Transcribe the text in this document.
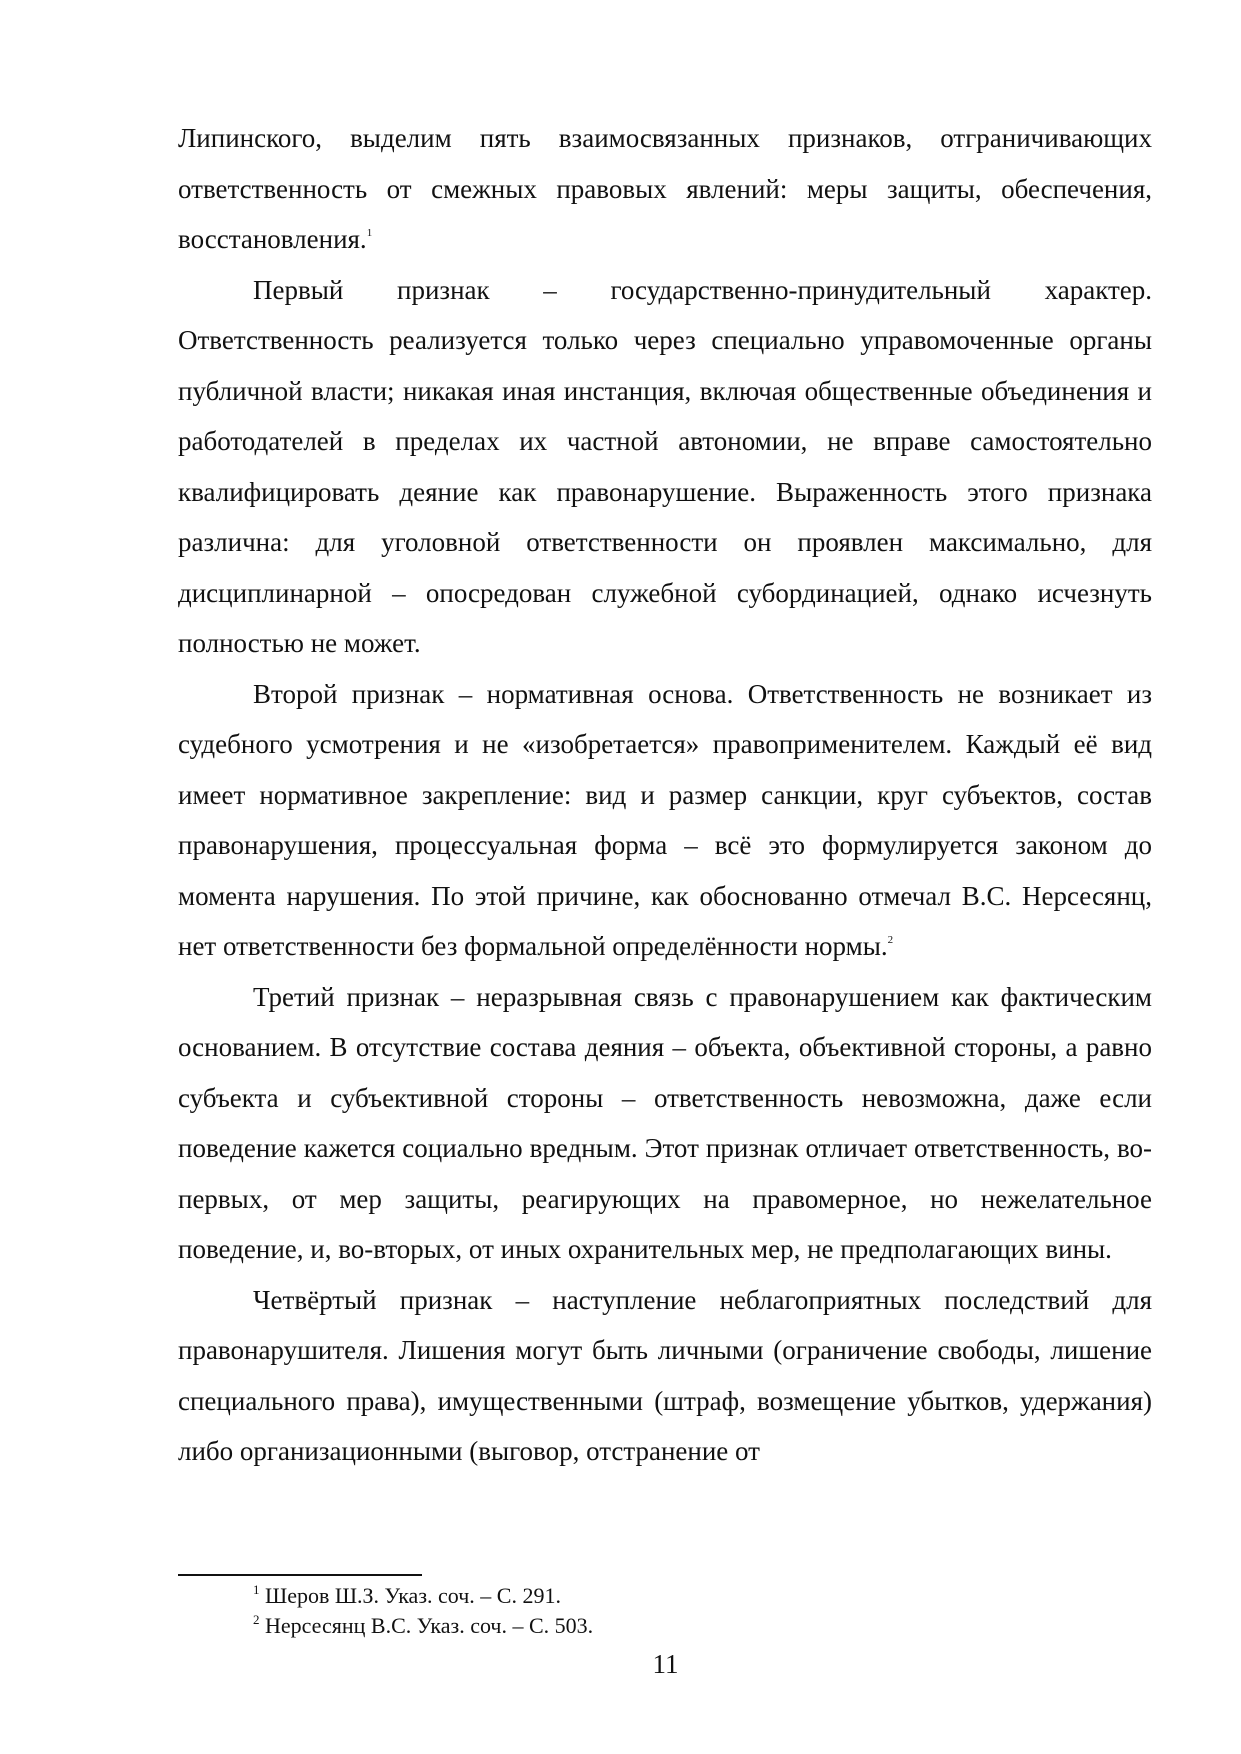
Липинского, выделим пять взаимосвязанных признаков, отграничивающих ответственность от смежных правовых явлений: меры защиты, обеспечения, восстановления.$^1$

Первый признак – государственно-принудительный характер. Ответственность реализуется только через специально управомоченные органы публичной власти; никакая иная инстанция, включая общественные объединения и работодателей в пределах их частной автономии, не вправе самостоятельно квалифицировать деяние как правонарушение. Выраженность этого признака различна: для уголовной ответственности он проявлен максимально, для дисциплинарной – опосредован служебной субординацией, однако исчезнуть полностью не может.

Второй признак – нормативная основа. Ответственность не возникает из судебного усмотрения и не «изобретается» правоприменителем. Каждый её вид имеет нормативное закрепление: вид и размер санкции, круг субъектов, состав правонарушения, процессуальная форма – всё это формулируется законом до момента нарушения. По этой причине, как обоснованно отмечал В.С. Нерсесянц, нет ответственности без формальной определённости нормы.$^2$

Третий признак – неразрывная связь с правонарушением как фактическим основанием. В отсутствие состава деяния – объекта, объективной стороны, а равно субъекта и субъективной стороны – ответственность невозможна, даже если поведение кажется социально вредным. Этот признак отличает ответственность, во-первых, от мер защиты, реагирующих на правомерное, но нежелательное поведение, и, во-вторых, от иных охранительных мер, не предполагающих вины.

Четвёртый признак – наступление неблагоприятных последствий для правонарушителя. Лишения могут быть личными (ограничение свободы, лишение специального права), имущественными (штраф, возмещение убытков, удержания) либо организационными (выговор, отстранение от

$^1$ Шеров Ш.З. Указ. соч. – С. 291.
$^2$ Нерсесянц В.С. Указ. соч. – С. 503.
11
